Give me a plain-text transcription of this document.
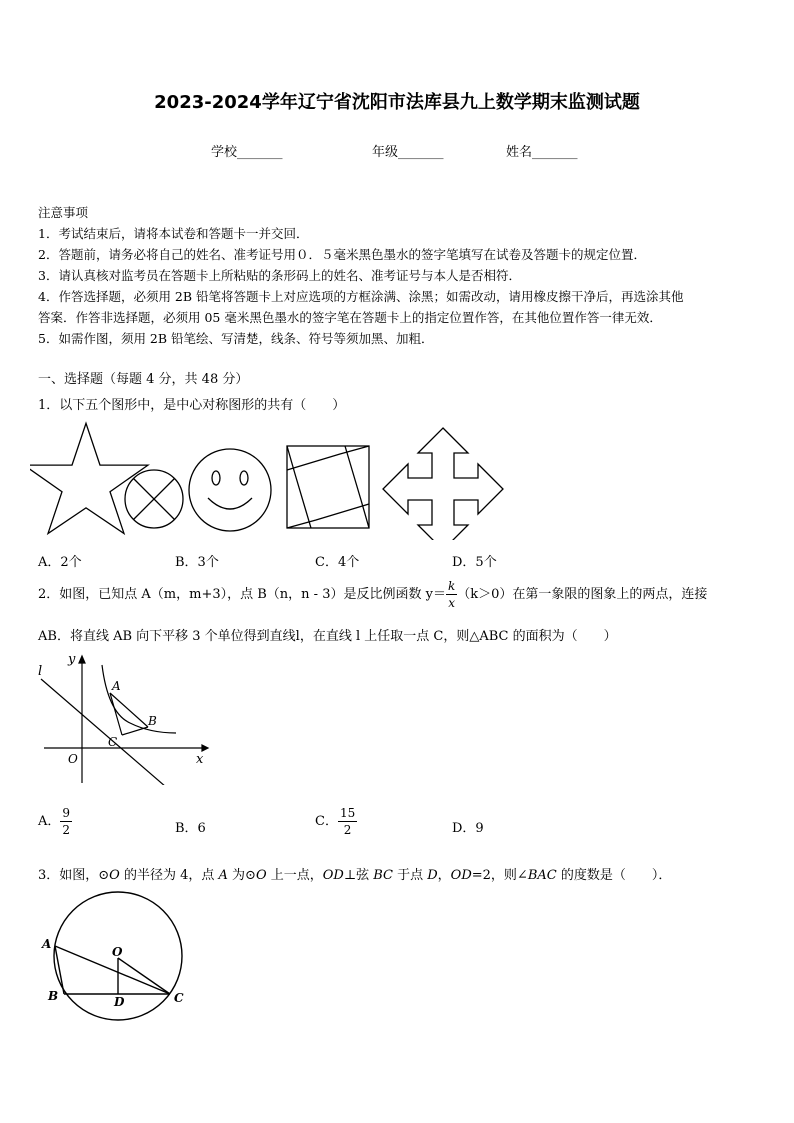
2023-2024学年辽宁省沈阳市法库县九上数学期末监测试题
学校_______	年级_______	姓名_______
注意事项
1．考试结束后，请将本试卷和答题卡一并交回．
2．答题前，请务必将自己的姓名、准考证号用０．５毫米黑色墨水的签字笔填写在试卷及答题卡的规定位置．
3．请认真核对监考员在答题卡上所粘贴的条形码上的姓名、准考证号与本人是否相符．
4．作答选择题，必须用 2B 铅笔将答题卡上对应选项的方框涂满、涂黑；如需改动，请用橡皮擦干净后，再选涂其他
答案．作答非选择题，必须用 05 毫米黑色墨水的签字笔在答题卡上的指定位置作答，在其他位置作答一律无效．
5．如需作图，须用 2B 铅笔绘、写清楚，线条、符号等须加黑、加粗．
一、选择题（每题 4 分，共 48 分）
1．以下五个图形中，是中心对称图形的共有（　　）
A．2个	B．3个	C．4个	D．5个
2．如图，已知点 A（m，m+3），点 B（n，n - 3）是反比例函数 $y= \frac{k}{x} (k>0)$在第一象限的图象上的两点，连接
AB．将直线 AB 向下平移 3 个单位得到直线l，在直线 l 上任取一点 C，则△ABC 的面积为（　　）
l
y
A
B
C
O	x
A． $\frac{9}{2}$	B．6	C． $\frac{15}{2}$	D．9
3．如图，⊙O 的半径为 4，点 A 为⊙O 上一点，OD⊥弦 BC 于点 D，OD=2，则∠BAC 的度数是（　　）．
A
O
B	D	C
